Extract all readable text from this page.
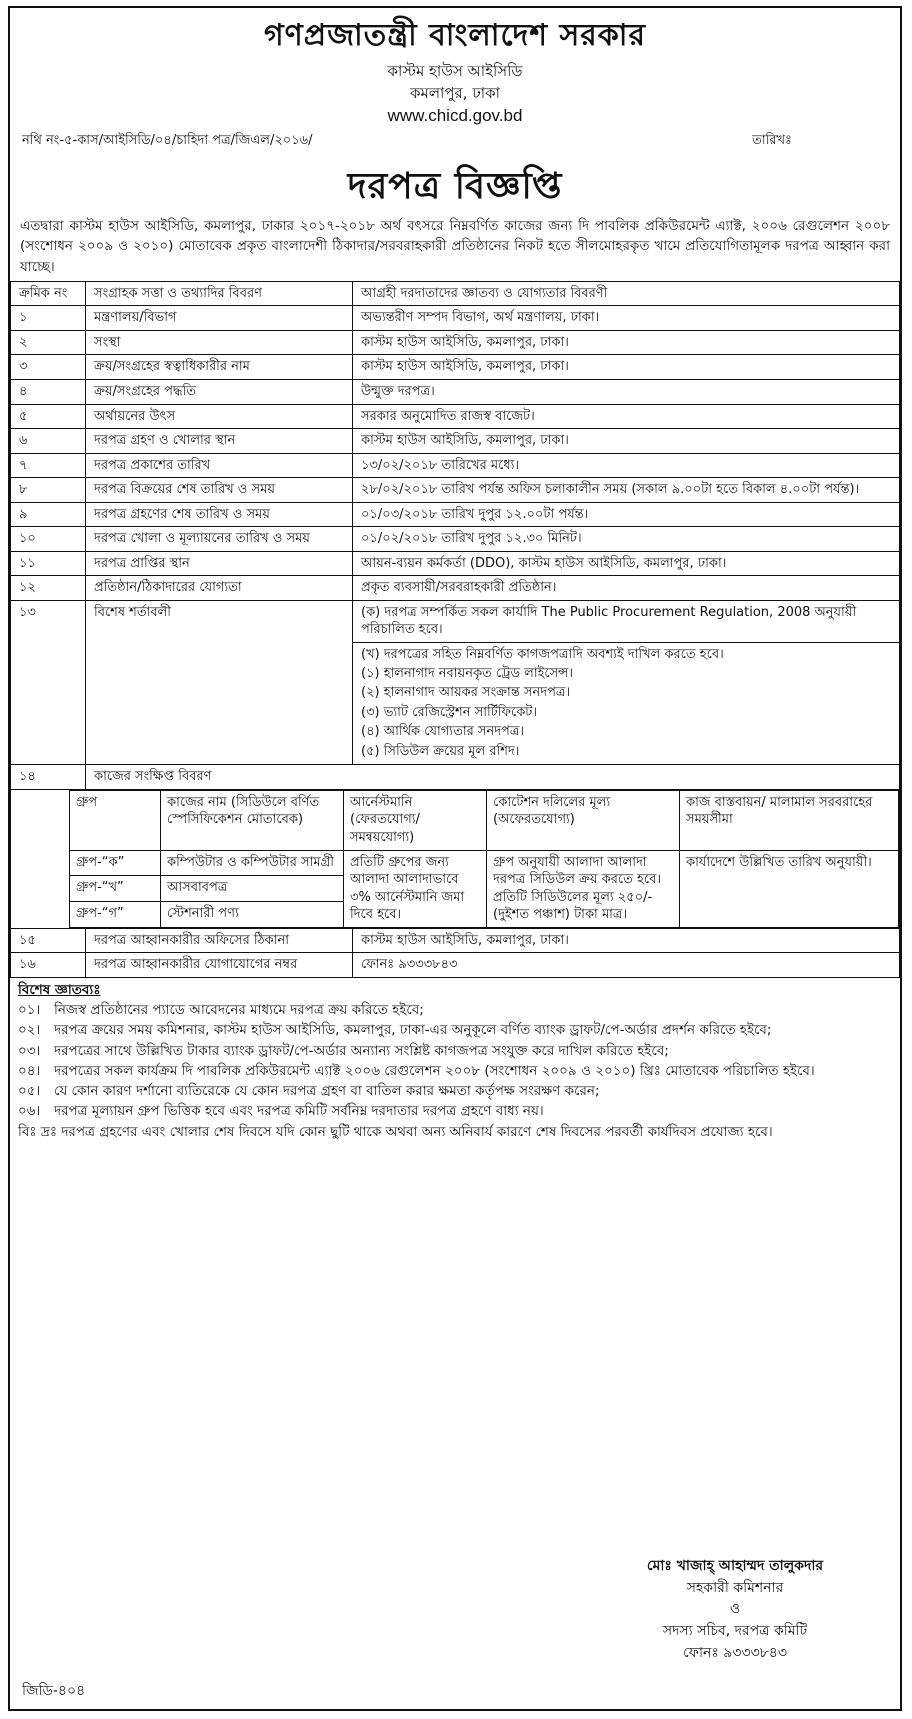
গণপ্রজাতন্ত্রী বাংলাদেশ সরকার
কাস্টম হাউস আইসিডি
কমলাপুর, ঢাকা
www.chicd.gov.bd
নথি নং-৫-কাস/আইসিডি/০৪/চাহিদা পত্র/জিএল/২০১৬/	তারিখঃ
দরপত্র বিজ্ঞপ্তি
এতদ্বারা কাস্টম হাউস আইসিডি, কমলাপুর, ঢাকার ২০১৭-২০১৮ অর্থ বৎসরে নিম্নবর্ণিত কাজের জন্য দি পাবলিক প্রকিউরমেন্ট এ্যাক্ট, ২০০৬ রেগুলেশন ২০০৮ (সংশোধন ২০০৯ ও ২০১০) মোতাবেক প্রকৃত বাংলাদেশী ঠিকাদার/সরবরাহকারী প্রতিষ্ঠানের নিকট হতে সীলমোহরকৃত খামে প্রতিযোগিতামূলক দরপত্র আহ্বান করা যাচ্ছে।
ক্রমিক নং	সংগ্রাহক সত্তা ও তথ্যাদির বিবরণ	আগ্রহী দরদাতাদের জ্ঞাতব্য ও যোগ্যতার বিবরণী
১	মন্ত্রণালয়/বিভাগ	অভ্যন্তরীণ সম্পদ বিভাগ, অর্থ মন্ত্রণালয়, ঢাকা।
২	সংস্থা	কাস্টম হাউস আইসিডি, কমলাপুর, ঢাকা।
৩	ক্রয়/সংগ্রহের স্বত্বাধিকারীর নাম	কাস্টম হাউস আইসিডি, কমলাপুর, ঢাকা।
৪	ক্রয়/সংগ্রহের পদ্ধতি	উন্মুক্ত দরপত্র।
৫	অর্থায়নের উৎস	সরকার অনুমোদিত রাজস্ব বাজেট।
৬	দরপত্র গ্রহণ ও খোলার স্থান	কাস্টম হাউস আইসিডি, কমলাপুর, ঢাকা।
৭	দরপত্র প্রকাশের তারিখ	১৩/০২/২০১৮ তারিখের মধ্যে।
৮	দরপত্র বিক্রয়ের শেষ তারিখ ও সময়	২৮/০২/২০১৮ তারিখ পর্যন্ত অফিস চলাকালীন সময় (সকাল ৯.০০টা হতে বিকাল ৪.০০টা পর্যন্ত)।
৯	দরপত্র গ্রহণের শেষ তারিখ ও সময়	০১/০৩/২০১৮ তারিখ দুপুর ১২.০০টা পর্যন্ত।
১০	দরপত্র খোলা ও মূল্যায়নের তারিখ ও সময়	০১/০২/২০১৮ তারিখ দুপুর ১২.৩০ মিনিট।
১১	দরপত্র প্রাপ্তির স্থান	আয়ন-ব্যয়ন কর্মকর্তা (DDO), কাস্টম হাউস আইসিডি, কমলাপুর, ঢাকা।
১২	প্রতিষ্ঠান/ঠিকাদারের যোগ্যতা	প্রকৃত ব্যবসায়ী/সরবরাহকারী প্রতিষ্ঠান।
১৩	বিশেষ শর্তাবলী	(ক) দরপত্র সম্পর্কিত সকল কার্যাদি The Public Procurement Regulation, 2008 অনুযায়ী পরিচালিত হবে।
(খ) দরপত্রের সহিত নিম্নবর্ণিত কাগজপত্রাদি অবশ্যই দাখিল করতে হবে।
(১) হালনাগাদ নবায়নকৃত ট্রেড লাইসেন্স।
(২) হালনাগাদ আয়কর সংক্রান্ত সনদপত্র।
(৩) ভ্যাট রেজিস্ট্রেশন সার্টিফিকেট।
(৪) আর্থিক যোগ্যতার সনদপত্র।
(৫) সিডিউল ক্রয়ের মূল রশিদ।

১৪	কাজের সংক্ষিপ্ত বিবরণ

গ্রুপ	কাজের নাম (সিডিউলে বর্ণিত স্পেসিফিকেশন মোতাবেক)	আর্নেস্টমানি (ফেরতযোগ্য/ সমন্বয়যোগ্য)	কোটেশন দলিলের মূল্য (অফেরতযোগ্য)	কাজ বাস্তবায়ন/ মালামাল সরবরাহের সময়সীমা
গ্রুপ-“ক”	কম্পিউটার ও কম্পিউটার সামগ্রী	প্রতিটি গ্রুপের জন্য আলাদা আলাদাভাবে ৩% আর্নেস্টমানি জমা দিবে হবে।	গ্রুপ অনুযায়ী আলাদা আলাদা দরপত্র সিডিউল ক্রয় করতে হবে। প্রতিটি সিডিউলের মূল্য ২৫০/- (দুইশত পঞ্চাশ) টাকা মাত্র।	কার্যাদেশে উল্লিখিত তারিখ অনুযায়ী।
গ্রুপ-“খ”	আসবাবপত্র
গ্রুপ-“গ”	স্টেশনারী পণ্য

১৫	দরপত্র আহ্বানকারীর অফিসের ঠিকানা	কাস্টম হাউস আইসিডি, কমলাপুর, ঢাকা।
১৬	দরপত্র আহ্বানকারীর যোগাযোগের নম্বর	ফোনঃ ৯৩৩৩৮৪৩
বিশেষ জ্ঞাতব্যঃ
০১।	নিজস্ব প্রতিষ্ঠানের প্যাডে আবেদনের মাধ্যমে দরপত্র ক্রয় করিতে হইবে;
০২।	দরপত্র ক্রয়ের সময় কমিশনার, কাস্টম হাউস আইসিডি, কমলাপুর, ঢাকা-এর অনুকূলে বর্ণিত ব্যাংক ড্রাফট/পে-অর্ডার প্রদর্শন করিতে হইবে;
০৩।	দরপত্রের সাথে উল্লিখিত টাকার ব্যাংক ড্রাফট/পে-অর্ডার অন্যান্য সংশ্লিষ্ট কাগজপত্র সংযুক্ত করে দাখিল করিতে হইবে;
০৪।	দরপত্রের সকল কার্যক্রম দি পাবলিক প্রকিউরমেন্ট এ্যাক্ট ২০০৬ রেগুলেশন ২০০৮ (সংশোধন ২০০৯ ও ২০১০) খ্রিঃ মোতাবেক পরিচালিত হইবে।
০৫।	যে কোন কারণ দর্শানো ব্যতিরেকে যে কোন দরপত্র গ্রহণ বা বাতিল করার ক্ষমতা কর্তৃপক্ষ সংরক্ষণ করেন;
০৬।	দরপত্র মূল্যায়ন গ্রুপ ভিত্তিক হবে এবং দরপত্র কমিটি সর্বনিম্ন দরদাতার দরপত্র গ্রহণে বাধ্য নয়।
বিঃ দ্রঃ দরপত্র গ্রহণের এবং খোলার শেষ দিবসে যদি কোন ছুটি থাকে অথবা অন্য অনিবার্য কারণে শেষ দিবসের পরবর্তী কার্যদিবস প্রযোজ্য হবে।
মোঃ খাজাহ্ আহাম্মদ তালুকদার
সহকারী কমিশনার
ও
সদস্য সচিব, দরপত্র কমিটি
ফোনঃ ৯৩৩৩৮৪৩
জিডি-৪০৪
